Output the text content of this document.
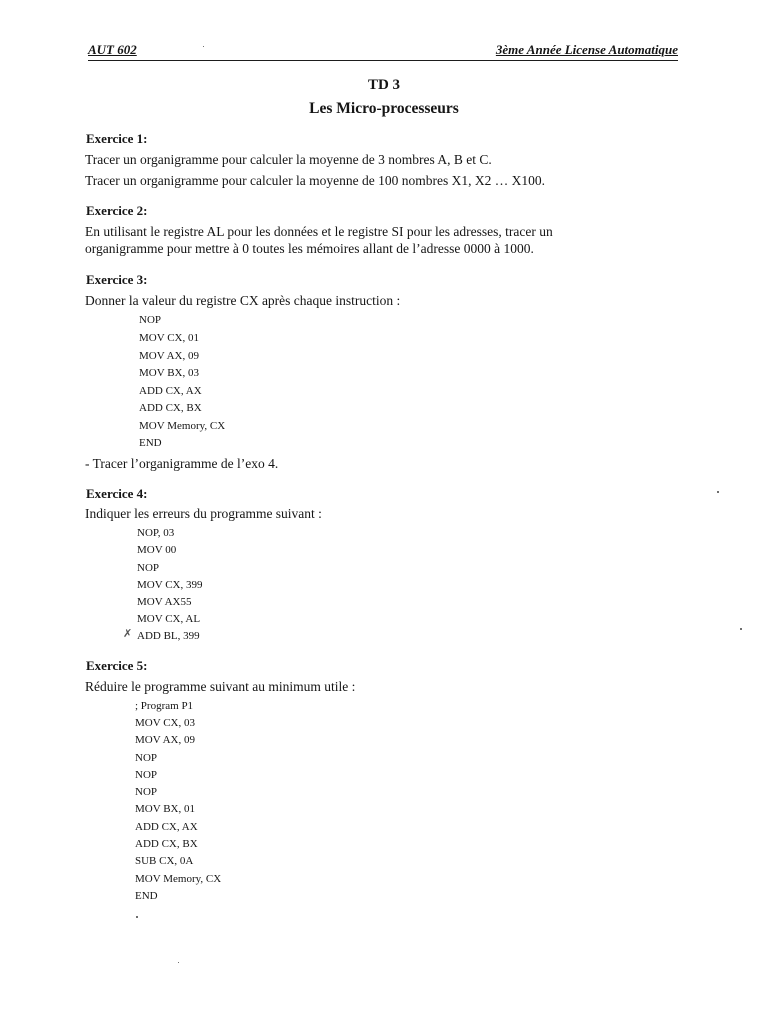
AUT 602	3ème Année License Automatique
TD 3
Les Micro-processeurs
Exercice 1:
Tracer un organigramme pour calculer la moyenne de 3 nombres A, B et C.
Tracer un organigramme pour calculer la moyenne de 100 nombres X1, X2 … X100.
Exercice 2:
En utilisant le registre AL pour les données et le registre SI pour les adresses, tracer un
organigramme pour mettre à 0 toutes les mémoires allant de l’adresse 0000 à 1000.
Exercice 3:
Donner la valeur du registre CX après chaque instruction :
NOP
MOV CX, 01
MOV AX, 09
MOV BX, 03
ADD CX, AX
ADD CX, BX
MOV Memory, CX
END
- Tracer l’organigramme de l’exo 4.
Exercice 4:
Indiquer les erreurs du programme suivant :
NOP, 03
MOV 00
NOP
MOV CX, 399
MOV AX55
MOV CX, AL
ADD BL, 399
✗
Exercice 5:
Réduire le programme suivant au minimum utile :
; Program P1
MOV CX, 03
MOV AX, 09
NOP
NOP
NOP
MOV BX, 01
ADD CX, AX
ADD CX, BX
SUB CX, 0A
MOV Memory, CX
END
